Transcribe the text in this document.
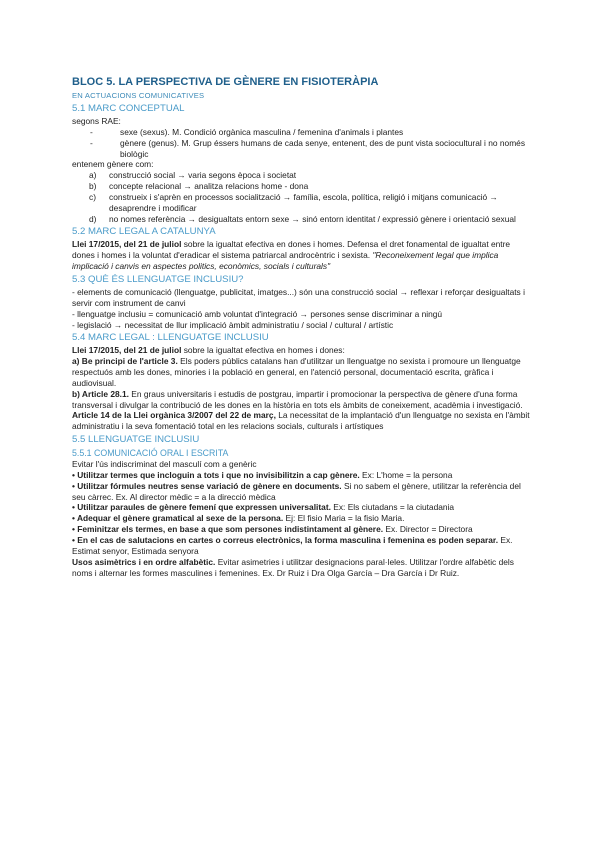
BLOC 5. LA PERSPECTIVA DE GÈNERE EN FISIOTERÀPIA
EN ACTUACIONS COMUNICATIVES
5.1 MARC CONCEPTUAL
segons RAE:
-	sexe (sexus). M. Condició orgànica masculina / femenina d'animals i plantes
-	gènere (genus). M. Grup éssers humans de cada senye, entenent, des de punt vista sociocultural i no només biològic
entenem gènere com:
a)	construcció social → varia segons època i societat
b)	concepte relacional → analitza relacions home - dona
c)	construeix i s'aprèn en processos socialització → família, escola, política, religió i mitjans comunicació → desaprendre i modificar
d)	no nomes referència → desigualtats entorn sexe → sinó entorn identitat / expressió gènere i orientació sexual
5.2 MARC LEGAL A CATALUNYA
Llei 17/2015, del 21 de juliol sobre la igualtat efectiva en dones i homes. Defensa el dret fonamental de igualtat entre dones i homes i la voluntat d'eradicar el sistema patriarcal androcèntric i sexista. "Reconeixement legal que implica implicació i canvis en aspectes politics, econòmics, socials i culturals"
5.3 QUÈ ÉS LLENGUATGE INCLUSIU?
- elements de comunicació (llenguatge, publicitat, imatges...) són una construcció social → reflexar i reforçar desigualtats i servir com instrument de canvi
- llenguatge inclusiu = comunicació amb voluntat d'integració → persones sense discriminar a ningú
- legislació → necessitat de llur implicació àmbit administratiu / social / cultural / artístic
5.4 MARC LEGAL : LLENGUATGE INCLUSIU
Llei 17/2015, del 21 de juliol sobre la igualtat efectiva en homes i dones:
a) Be principi de l'article 3. Els poders públics catalans han d'utilitzar un llenguatge no sexista i promoure un llenguatge respectuós amb les dones, minories i la població en general, en l'atenció personal, documentació escrita, gràfica i audiovisual.
b) Article 28.1. En graus universitaris i estudis de postgrau, impartir i promocionar la perspectiva de gènere d'una forma transversal i divulgar la contribució de les dones en la història en tots els àmbits de coneixement, acadèmia i investigació.
Article 14 de la Llei orgànica 3/2007 del 22 de març, La necessitat de la implantació d'un llenguatge no sexista en l'àmbit administratiu i la seva fomentació total en les relacions socials, culturals i artístiques
5.5 LLENGUATGE INCLUSIU
5.5.1 COMUNICACIÓ ORAL I ESCRITA
Evitar l'ús indiscriminat del masculí com a genèric
• Utilitzar termes que incloguin a tots i que no invisibilitzin a cap gènere. Ex: L'home = la persona
• Utilitzar fórmules neutres sense variació de gènere en documents. Si no sabem el gènere, utilitzar la referència del seu càrrec. Ex. Al director mèdic = a la direcció mèdica
• Utilitzar paraules de gènere femení que expressen universalitat. Ex: Els ciutadans = la ciutadania
• Adequar el gènere gramatical al sexe de la persona. Ej: El fisio Maria = la fisio Maria.
• Feminitzar els termes, en base a que som persones indistintament al gènere. Ex. Director = Directora
• En el cas de salutacions en cartes o correus electrònics, la forma masculina i femenina es poden separar. Ex. Estimat senyor, Estimada senyora
Usos asimètrics i en ordre alfabètic. Evitar asimetries i utilitzar designacions paral·leles. Utilitzar l'ordre alfabètic dels noms i alternar les formes masculines i femenines. Ex. Dr Ruiz i Dra Olga García – Dra García i Dr Ruiz.
